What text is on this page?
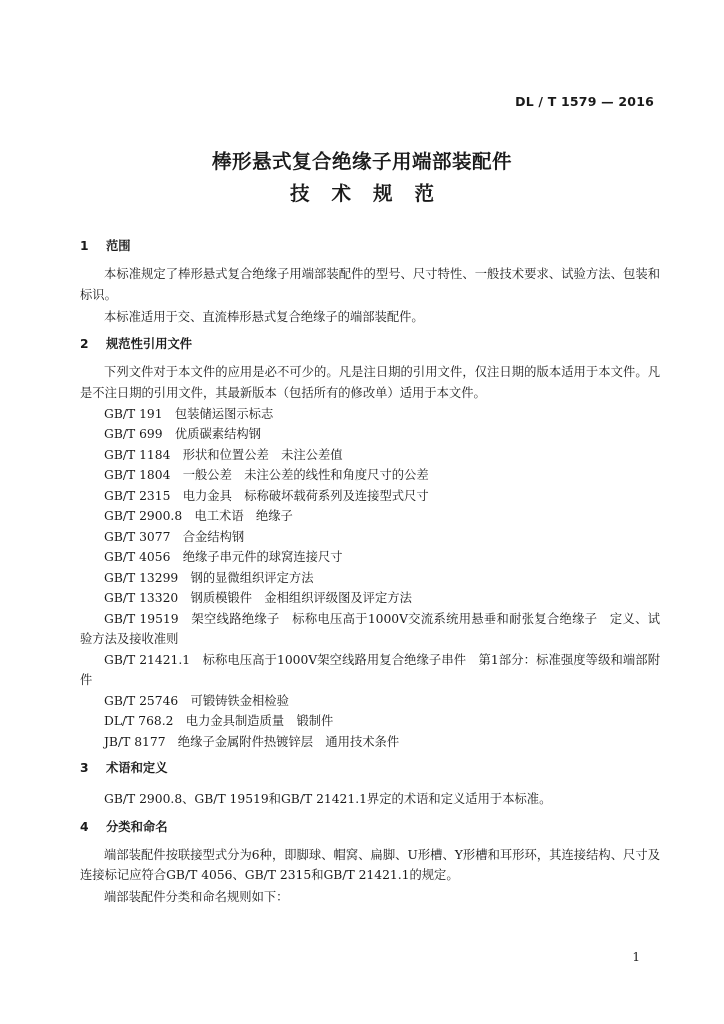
DL / T 1579 — 2016
棒形悬式复合绝缘子用端部装配件
技术规范
1 范围

本标准规定了棒形悬式复合绝缘子用端部装配件的型号、尺寸特性、一般技术要求、试验方法、包装和标识。

本标准适用于交、直流棒形悬式复合绝缘子的端部装配件。

2 规范性引用文件

下列文件对于本文件的应用是必不可少的。凡是注日期的引用文件，仅注日期的版本适用于本文件。凡是不注日期的引用文件，其最新版本（包括所有的修改单）适用于本文件。

GB/T 191　包装储运图示标志

GB/T 699　优质碳素结构钢

GB/T 1184　形状和位置公差　未注公差值

GB/T 1804　一般公差　未注公差的线性和角度尺寸的公差

GB/T 2315　电力金具　标称破坏载荷系列及连接型式尺寸

GB/T 2900.8　电工术语　绝缘子

GB/T 3077　合金结构钢

GB/T 4056　绝缘子串元件的球窝连接尺寸

GB/T 13299　钢的显微组织评定方法

GB/T 13320　钢质模锻件　金相组织评级图及评定方法

GB/T 19519　架空线路绝缘子　标称电压高于1000V交流系统用悬垂和耐张复合绝缘子　定义、试验方法及接收准则

GB/T 21421.1　标称电压高于1000V架空线路用复合绝缘子串件　第1部分：标准强度等级和端部附件

GB/T 25746　可锻铸铁金相检验

DL/T 768.2　电力金具制造质量　锻制件

JB/T 8177　绝缘子金属附件热镀锌层　通用技术条件

3 术语和定义

GB/T 2900.8、GB/T 19519和GB/T 21421.1界定的术语和定义适用于本标准。

4 分类和命名

端部装配件按联接型式分为6种，即脚球、帽窝、扁脚、U形槽、Y形槽和耳形环，其连接结构、尺寸及连接标记应符合GB/T 4056、GB/T 2315和GB/T 21421.1的规定。

端部装配件分类和命名规则如下：

1
